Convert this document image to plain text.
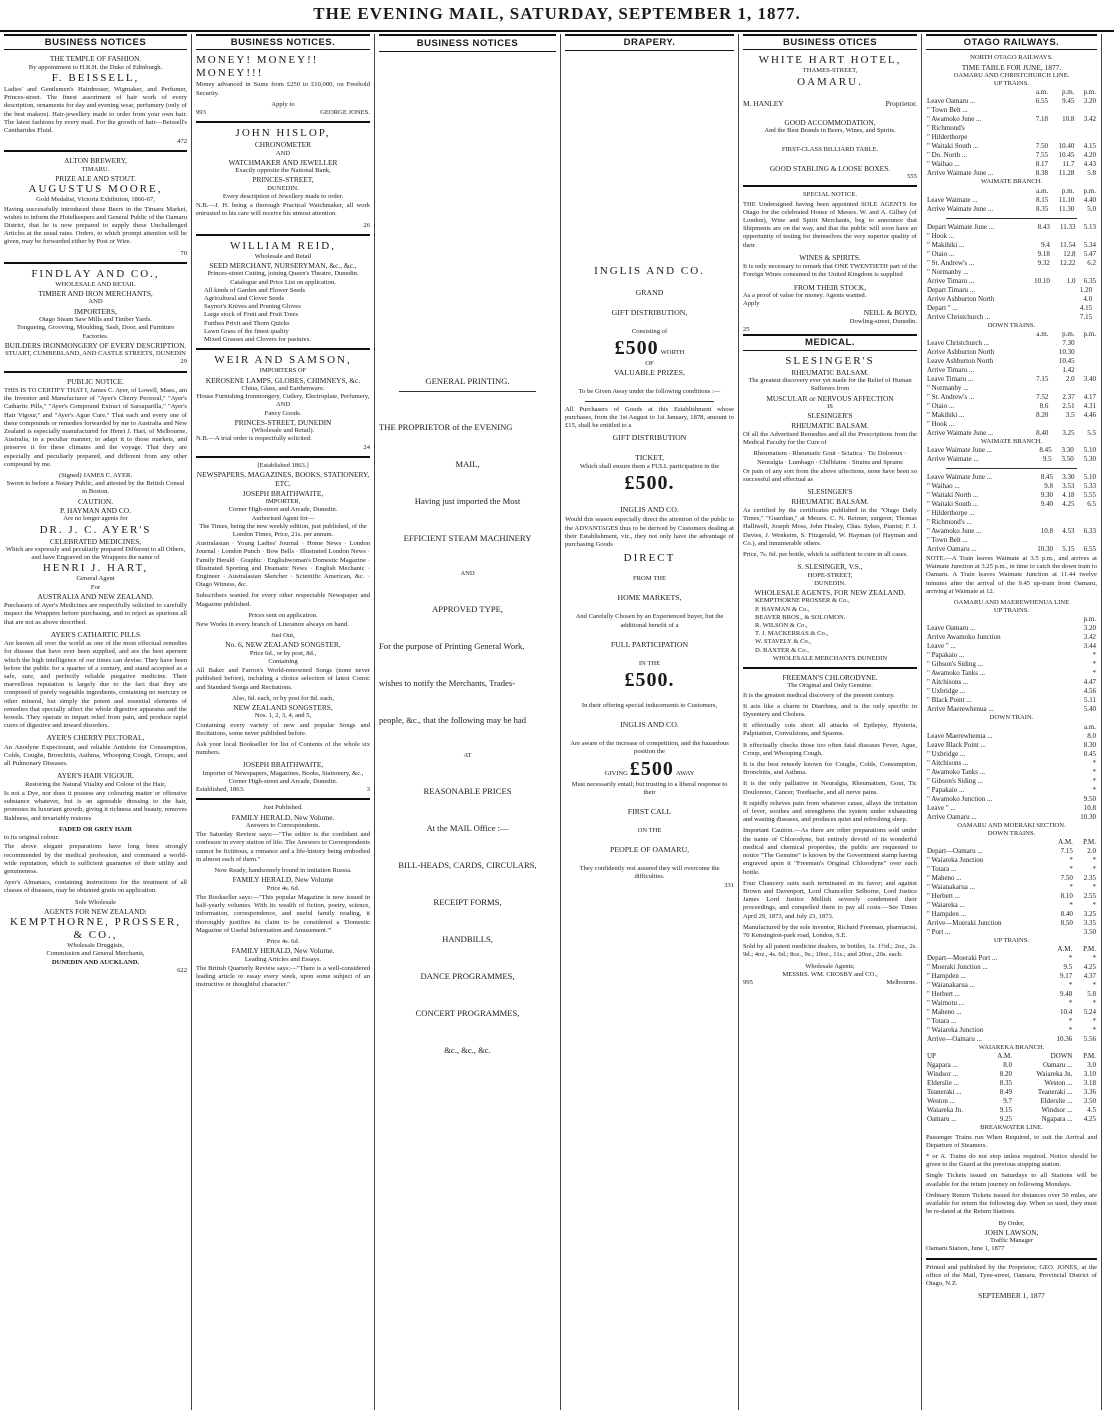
THE EVENING MAIL, SATURDAY, SEPTEMBER 1, 1877.
BUSINESS NOTICES
THE TEMPLE OF FASHION.
By appointment to H.R.H. the Duke of Edinburgh.
F. BEISSELL,

Ladies' and Gentlemen's Hairdresser, Wigmaker, and Perfumer, Princes-street. The finest assortment of hair work of every description, ornaments for day and evening wear, perfumery (only of the best makers). Hair-jewellery made to order from your own hair. The latest fashions by every mail. For the growth of hair—Beissell's Cantharides Fluid.

472
ALTON BREWERY,
TIMARU.
PRIZE ALE AND STOUT.
AUGUSTUS MOORE,
Gold Medalist, Victoria Exhibition, 1866-67,

Having successfully introduced these Beers in the Timaru Market, wishes to inform the Hotelkeepers and General Public of the Oamaru District, that he is now prepared to supply these Unchallenged Articles at the usual rates. Orders, to which prompt attention will be given, may be forwarded either by Post or Wire.

70
FINDLAY AND CO.,
WHOLESALE AND RETAIL
TIMBER AND IRON MERCHANTS,
AND
IMPORTERS,
Otago Steam Saw Mills and Timber Yards.
Tongueing, Grooving, Moulding, Sash, Door, and Furniture Factories.
BUILDERS IRONMONGERY OF EVERY DESCRIPTION.
STUART, CUMBERLAND, AND CASTLE STREETS, DUNEDIN
29
PUBLIC NOTICE.

THIS IS TO CERTIFY THAT I, James C. Ayer, of Lowell, Mass., am the Inventor and Manufacturer of "Ayer's Cherry Pectoral," "Ayer's Cathartic Pills," "Ayer's Compound Extract of Sarsaparilla," "Ayer's Hair Vigour," and "Ayer's Ague Cure." That each and every one of these compounds or remedies forwarded by me to Australia and New Zealand is especially manufactured for Henri J. Hart, of Melbourne, Australia, in a peculiar manner, to adapt it to those markets, and preserve it for these climates and the voyage. That they are especially and peculiarly prepared, and different from any other compound by me.

(Signed) JAMES C. AYER.
Sworn to before a Notary Public, and attested by the British Consul in Boston.
CAUTION.
P. HAYMAN AND CO.
Are no longer agents for
DR. J. C. AYER'S
CELEBRATED MEDICINES,
Which are expressly and peculiarly prepared Different to all Others, and have Engraved on the Wrappers the name of
HENRI J. HART,
General Agent
For
AUSTRALIA AND NEW ZEALAND.

Purchasers of Ayer's Medicines are respectfully solicited to carefully inspect the Wrappers before purchasing, and to reject as spurious all that are not as above described.

AYER'S CATHARTIC PILLS

Are known all over the world as one of the most effectual remedies for disease that have ever been supplied, and are the best aperient which the high intelligence of our times can devise. They have been before the public for a quarter of a century, and stand accepted as a safe, sure, and perfectly reliable purgative medicine. Their marvellous reputation is largely due to the fact that they are composed of purely vegetable ingredients, containing no mercury or other mineral, but simply the potent and essential elements of remedies that specially affect the whole digestive apparatus and the bowels. They operate to impart relief from pain, and produce rapid cures of digestive and inward disorders.

AYER'S CHERRY PECTORAL,

An Anodyne Expectorant, and reliable Antidote for Consumption, Colds, Coughs, Bronchitis, Asthma, Whooping Cough, Croups, and all Pulmonary Diseases.

AYER'S HAIR VIGOUR,
Restoring the Natural Vitality and Colour of the Hair,

Is not a Dye, nor does it possess any colouring matter or offensive substance whatever, but is an agreeable dressing to the hair, promotes its luxuriant growth, giving it richness and beauty, removes Baldness, and invariably restores

FADED OR GREY HAIR
to its original colour.

The above elegant preparations have long been strongly recommended by the medical profession, and command a world-wide reputation, which is sufficient guarantee of their utility and genuineness.

Ayer's Almanacs, containing instructions for the treatment of all classes of diseases, may be obtained gratis on application.

Sole Wholesale
AGENTS FOR NEW ZEALAND:
KEMPTHORNE, PROSSER, & CO.,
Wholesale Druggists,
Commission and General Merchants,
DUNEDIN AND AUCKLAND.
622
BUSINESS NOTICES.
MONEY! MONEY!! MONEY!!!

Money advanced in Sums from £250 to £10,000, on Freehold Security.

Apply to
993	GEORGE JONES.
JOHN HISLOP,
CHRONOMETER
AND
WATCHMAKER AND JEWELLER
Exactly opposite the National Bank,
PRINCES-STREET,
DUNEDIN.
Every description of Jewellery made to order.

N.B.—J. H. being a thorough Practical Watchmaker, all work entrusted to his care will receive his utmost attention.

26
WILLIAM REID,
Wholesale and Retail
SEED MERCHANT, NURSERYMAN, &c., &c.,
Princes-street Cutting, joining Queen's Theatre, Dunedin.
Catalogue and Price List on application.
All kinds of Garden and Flower Seeds
Agricultural and Clover Seeds
Saynor's Knives and Pruning Gloves
Large stock of Fruit and Fruit Trees
Furthea Privit and Thorn Quicks
Lawn Grass of the finest quality
Mixed Grasses and Clovers for pastures.
WEIR AND SAMSON,
IMPORTERS OF
KEROSENE LAMPS, GLOBES, CHIMNEYS, &c.
China, Glass, and Earthenware.
House Furnishing Ironmongery, Cutlery, Electroplate, Perfumery,
AND
Fancy Goods.
PRINCES-STREET, DUNEDIN
(Wholesale and Retail).
N.B.—A trial order is respectfully solicited.
24
[Established 1863.]
NEWSPAPERS, MAGAZINES, BOOKS, STATIONERY, ETC.
JOSEPH BRAITHWAITE,
IMPORTER,
Corner High-street and Arcade, Dunedin.
Authorised Agent for—
The Times, being the new weekly edition, just published, of the London Times, Price, 21s. per annum.

Australasian · Young Ladies' Journal · Home News · London Journal · London Punch · Bow Bells · Illustrated London News · Family Herald · Graphic · Englishwoman's Domestic Magazine · Illustrated Sporting and Dramatic News · English Mechanic · Engineer · Australasian Sketcher · Scientific American, &c. · Otago Witness, &c.

Subscribers wanted for every other respectable Newspaper and Magazine published.

Prices sent on application.

New Works in every branch of Literature always on hand.

Just Out,
No. 6, NEW ZEALAND SONGSTER,
Price 6d., or by post, 8d.,
Containing

All Baker and Farron's World-renowned Songs (none never published before), including a choice selection of latest Comic and Standard Songs and Recitations.

Also, 6d. each, or by post for 8d. each,
NEW ZEALAND SONGSTERS,
Nos. 1, 2, 3, 4, and 5,

Containing every variety of new and popular Songs and Recitations, some never published before.

Ask your local Bookseller for list of Contents of the whole six numbers.

JOSEPH BRAITHWAITE,
Importer of Newspapers, Magazines, Books, Stationery, &c.,
Corner High-street and Arcade, Dunedin.
Established, 1863.	3
Just Published.
FAMILY HERALD, New Volume.
Answers to Correspondents.

The Saturday Review says:—"The editor is the confidant and confessor in every station of life. The Answers to Correspondents cannot be fictitious, a romance and a life-history being embodied in almost each of them."

Now Ready, handsomely bound in imitation Russia.
FAMILY HERALD, New Volume
Price 4s. 6d.

The Bookseller says:—"This popular Magazine is now issued in half-yearly volumes. With its wealth of fiction, poetry, science, information, correspondence, and useful family reading, it thoroughly justifies its claim to be considered a 'Domestic Magazine of Useful Information and Amusement.'"

Price 4s. 6d.
FAMILY HERALD, New Volume.
Leading Articles and Essays.

The British Quarterly Review says:—"There is a well-considered leading article or essay every week, upon some subject of an instructive or thoughtful character."

BUSINESS NOTICES
GENERAL PRINTING.
THE PROPRIETOR of the EVENING
MAIL,
Having just imported the Most
EFFICIENT STEAM MACHINERY
AND
APPROVED TYPE,
For the purpose of Printing General Work,
wishes to notify the Merchants, Trades-
people, &c., that the following may be had
AT
REASONABLE PRICES
At the MAIL Office :—
BILL-HEADS, CARDS, CIRCULARS,
RECEIPT FORMS,
HANDBILLS,
DANCE PROGRAMMES,
CONCERT PROGRAMMES,
&c., &c., &c.
DRAPERY.
INGLIS AND CO.
GRAND
GIFT DISTRIBUTION,
Consisting of
£500 WORTH
OF
VALUABLE PRIZES,
To be Given Away under the following conditions :—

All Purchasers of Goods at this Establishment whose purchases, from the 1st August to 1st January, 1878, amount to £15, shall be entitled to a

GIFT DISTRIBUTION
TICKET,
Which shall ensure them a FULL participation in the
£500.
INGLIS AND CO.

Would this season especially direct the attention of the public to the ADVANTAGES thus to be derived by Customers dealing at their Establishment, viz., they not only have the advantage of purchasing Goods

DIRECT
FROM THE
HOME MARKETS,
And Carefully Chosen by an Experienced buyer, but the additional benefit of a
FULL PARTICIPATION
IN THE
£500.
In their offering special inducements to Customers,
INGLIS AND CO.
Are aware of the increase of competition, and the hazardous position the
GIVING £500 AWAY
Must necessarily entail; but trusting to a liberal response to their
FIRST CALL
ON THE
PEOPLE OF OAMARU,
They confidently rest assured they will overcome the difficulties.
331
BUSINESS OTICES
WHITE HART HOTEL,
THAMES-STREET,
OAMARU.
M. HANLEY	Proprietor.
GOOD ACCOMMODATION,
And the Best Brands in Beers, Wines, and Spirits.
FIRST-CLASS BILLIARD TABLE.
GOOD STABLING & LOOSE BOXES.
555
SPECIAL NOTICE.

THE Undersigned having been appointed SOLE AGENTS for Otago for the celebrated House of Messrs. W. and A. Gilbey (of London), Wine and Spirit Merchants, beg to announce that Shipments are on the way, and that the public will soon have an opportunity of testing for themselves the very superior quality of their

WINES & SPIRITS.

It is only necessary to remark that ONE TWENTIETH part of the Foreign Wines consumed in the United Kingdom is supplied

FROM THEIR STOCK,
As a proof of value for money. Agents wanted.
Apply
NEILL & BOYD,
Dowling-street, Dunedin.
25
MEDICAL.
SLESINGER'S
RHEUMATIC BALSAM.
The greatest discovery ever yet made for the Relief of Human Sufferers from
MUSCULAR or NERVOUS AFFECTION
IS
SLESINGER'S
RHEUMATIC BALSAM.

Of all the Advertised Remedies and all the Prescriptions from the Medical Faculty for the Cure of

Rheumatism · Rheumatic Gout · Sciatica · Tic Doloreux · Neuralgia · Lumbago · Chilblains · Strains and Sprains

Or pain of any sort from the above affections, none have been so successful and effectual as

SLESINGER'S
RHEUMATIC BALSAM.

As certified by the certificates published in the "Otago Daily Times," "Guardian," at Messrs. C. N. Reimer, surgeon; Thomas Halliwell, Joseph Moss, John Healey, Chas. Sykes, Pianist; F. J. Davies, J. Wenkeim, S. Fitzgerald, W. Hayman (of Hayman and Co.), and innumerable others.

Price, 7s. 6d. per bottle, which is sufficient to cure in all cases.

S. SLESINGER, V.S.,
HOPE-STREET,
DUNEDIN.
WHOLESALE AGENTS, FOR NEW ZEALAND.
KEMPTHORNE PROSSER & Co.,
P. HAYMAN & Co.,
BEAVER BROS., & SOLOMON.
R. WILSON & Co.,
T. J. MACKERRAS & Co.,
W. STAVELY & Co.,
D. BAXTER & Co.,
WHOLESALE MERCHANTS DUNEDIN
FREEMAN'S CHLORODYNE.
The Original and Only Genuine.

It is the greatest medical discovery of the present century.

It acts like a charm in Diarrhœa, and is the only specific in Dysentery and Cholera.

It effectually cuts short all attacks of Epilepsy, Hysteria, Palpitation, Convulsions, and Spasms.

It effectually checks those too often fatal diseases Fever, Ague, Croup, and Whooping Cough.

It is the best remedy known for Coughs, Colds, Consumption, Bronchitis, and Asthma.

It is the only palliative in Neuralgia, Rheumatism, Gout, Tic Douloreux, Cancer, Toothache, and all nerve pains.

It rapidly relieves pain from whatever cause, allays the irritation of fever, soothes and strengthens the system under exhausting and wasting diseases, and produces quiet and refreshing sleep.

Important Caution.—As there are other preparations sold under the name of Chlorodyne, but entirely devoid of its wonderful medical and chemical properties, the public are requested to notice "The Genuine" is known by the Government stamp having engraved upon it "Freeman's Original Chlorodyne" over each bottle.

Four Chancery suits each terminated in its favor; and against Brown and Davenport, Lord Chancellor Selborne, Lord Justice James Lord Justice Mellish severely condemned their proceedings, and compelled them to pay all costs.—See Times April 29, 1873, and July 23, 1873.

Manufactured by the sole inventor, Richard Freeman, pharmacist, 70 Kensington-park road, London, S.E.

Sold by all patent medicine dealers, in bottles, 1s. 1½d.; 2oz., 2s. 9d.; 4oz., 4s. 6d.; 8oz., 9s.; 10oz., 11s.; and 20oz., 20s. each.

Wholesale Agents;
MESSRS. WM. CROSBY and CO.,
995	Melbourne.
OTAGO RAILWAYS.
NORTH OTAGO RAILWAYS.
TIME TABLE FOR JUNE, 1877.
OAMARU AND CHRISTCHURCH LINE.
UP TRAINS.
	a.m.	p.m.	p.m.
Leave Oamaru ...	6.55	9.45	3.20
" Town Belt ...			
" Awamoko June ...	7.18	10.8	3.42
" Richmond's			
" Hilderthorpe			
" Waitaki South ...	7.50	10.40	4.15
" Do. North ...	7.55	10.45	4.20
" Waihao ...	8.17	11.7	4.43
Arrive Waimate June ...	8.38	11.28	5.8
WAIMATE BRANCH.
	a.m.	p.m.	p.m.
Leave Waimate ...	8.15	11.10	4.40
Arrive Waimate June ...	8.35	11.30	5.0
Depart Waimate June ...	8.43	11.33	5.13
" Hook ...			
" Makihiki ...	9.4	11.54	5.34
" Otaio ...	9.18	12.8	5.47
" St. Andrew's ...	9.32	12.22	6.2
" Normanby ...			
Arrive Timaru ...	10.10	1.0	6.35
Depart Timaru ...		1.20	
Arrive Ashburton North		4.0	
Depart " ...		4.15	
Arrive Christchurch ...		7.15	
DOWN TRAINS.
	a.m.	p.m.	p.m.
Leave Christchurch ...		7.30	
Arrive Ashburton North		10.30	
Leave Ashburton North		10.45	
Arrive Timaru ...		1.42	
Leave Timaru ...	7.15	2.0	3.40
" Normanby ...			
" St. Andrew's ...	7.52	2.37	4.17
" Otaio ...	8.6	2.51	4.31
" Makihiki ...	8.20	3.5	4.46
" Hook ...			
Arrive Waimate June ...	8.40	3.25	5.5
WAIMATE BRANCH.
Leave Waimate June ...	8.45	3.30	5.10
Arrive Waimate ...	9.5	3.50	5.30
Leave Waimate June ...	8.45	3.30	5.10
" Waihao ...	9.8	3.53	5.33
" Waitaki North ...	9.30	4.18	5.55
" Waitaki South ...	9.40	4.25	6.5
" Hilderthorpe ...			
" Richmond's ...			
" Awamoko June ...	10.8	4.53	6.33
" Town Belt ...			
Arrive Oamaru ...	10.30	5.15	6.55

NOTE.—A Train leaves Waimate at 3.5 p.m., and arrives at Waimate Junction at 3.25 p.m., in time to catch the down train to Oamaru. A Train leaves Waimate Junction at 11.44 twelve minutes after the arrival of the 9.45 up-train from Oamaru, arriving at Waimate at 12.

OAMARU AND MAEREWHENUA LINE
UP TRAINS.
			p.m.
Leave Oamaru ...			3.20
Arrive Awamoko Junction			3.42
Leave " ...			3.44
" Papakaio ...			*
" Gibson's Siding ...			*
" Awamoko Tanks ...			*
" Aitchisons ...			4.47
" Uxbridge ...			4.56
" Black Point ...			5.11
Arrive Maerewhenua ...			5.40
DOWN TRAIN.
			a.m.
Leave Maerewhenua ...			8.0
Leave Black Point ...			8.30
" Uxbridge ...			8.45
" Aitchisons ...			*
" Awamoko Tanks ...			*
" Gibson's Siding ...			*
" Papakaio ...			*
" Awamoko Junction ...			9.50
Leave " ...			10.8
Arrive Oamaru ...			10.30
OAMARU AND MOERAKI SECTION.
DOWN TRAINS.
		A.M.	P.M.
Depart—Oamaru ...		7.15	2.0
" Waiareka Junction		*	*
" Totara ...		*	*
" Maheno ...		7.50	2.35
" Waianakarua ...		*	*
" Herbert ...		8.10	2.55
" Waiareka ...		*	*
" Hampden ...		8.40	3.25
Arrive—Moeraki Junction		8.50	3.35
" Port ...			3.50
UP TRAINS.
		A.M.	P.M.
Depart—Moeraki Port ...		*	*
" Moeraki Junction ...		9.5	4.25
" Hampden ...		9.17	4.37
" Waianakarua ...		*	*
" Herbert ...		9.48	5.8
" Waimotu ...		*	*
" Maheno ...		10.4	5.24
" Totara ...		*	*
" Waiareka Junction		*	*
Arrive—Oamaru ...		10.36	5.56
WAIAREKA BRANCH.
UP	A.M.	DOWN	P.M.
Ngapara ...	8.0	Oamaru ...	3.0
Windsor ...	8.20	Waiareka Jn.	3.10
Elderslie ...	8.35	Weston ...	3.18
Teaneraki ...	8.49	Teaneraki ...	3.36
Weston ...	9.7	Elderslie ...	3.50
Waiareka Jn.	9.15	Windsor ...	4.5
Oamaru ...	9.25	Ngapara ...	4.25
BREAKWATER LINE.

Passenger Trains run When Required, to suit the Arrival and Departure of Steamers.

* or A. Trains do not stop unless required. Notice should be given to the Guard at the previous stopping station.

Single Tickets issued on Saturdays to all Stations will be available for the return journey on following Mondays.

Ordinary Return Tickets issued for distances over 50 miles, are available for return the following day. When so used, they must be re-dated at the Return Stations.

By Order,
JOHN LAWSON,
Traffic Manager
Oamaru Station, June 1, 1877

Printed and published by the Proprietor, GEO. JONES, at the office of the Mail, Tyne-street, Oamaru, Provincial District of Otago, N.Z.

SEPTEMBER 1, 1877
